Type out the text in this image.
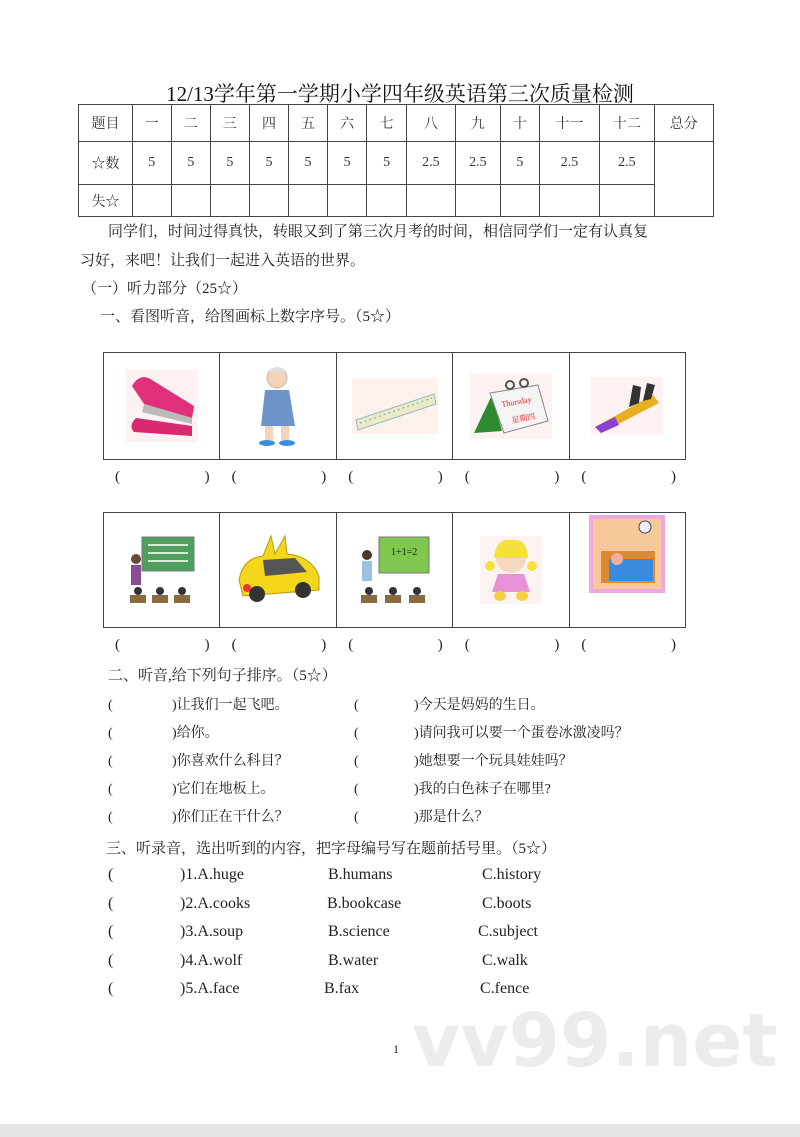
12/13学年第一学期小学四年级英语第三次质量检测
题目	一	二	三	四	五	六	七	八	九	十	十一	十二	总分
☆数	5	5	5	5	5	5	5	2.5	2.5	5	2.5	2.5	
失☆													
同学们，时间过得真快，转眼又到了第三次月考的时间，相信同学们一定有认真复
习好，来吧！让我们一起进入英语的世界。
（一）听力部分（25☆）
一、看图听音，给图画标上数字序号。（5☆）
Thursday
星期四
(	) (	) (	) (	) (	)
1+1=2
(	) (	) (	) (	) (	)
二、听音,给下列句子排序。（5☆）
(	)让我们一起飞吧。	(	)今天是妈妈的生日。
(	)给你。	(	)请问我可以要一个蛋卷冰激凌吗？
(	)你喜欢什么科目？	(	)她想要一个玩具娃娃吗？
(	)它们在地板上。	(	)我的白色袜子在哪里?
(	)你们正在干什么？	(	)那是什么？
三、听录音，选出听到的内容，把字母编号写在题前括号里。（5☆）
(	)1.A.huge	B.humans	C.history
(	)2.A.cooks	B.bookcase	C.boots
(	)3.A.soup	B.science	C.subject
(	)4.A.wolf	B.water	C.walk
(	)5.A.face	B.fax	C.fence
vv99.net
1
